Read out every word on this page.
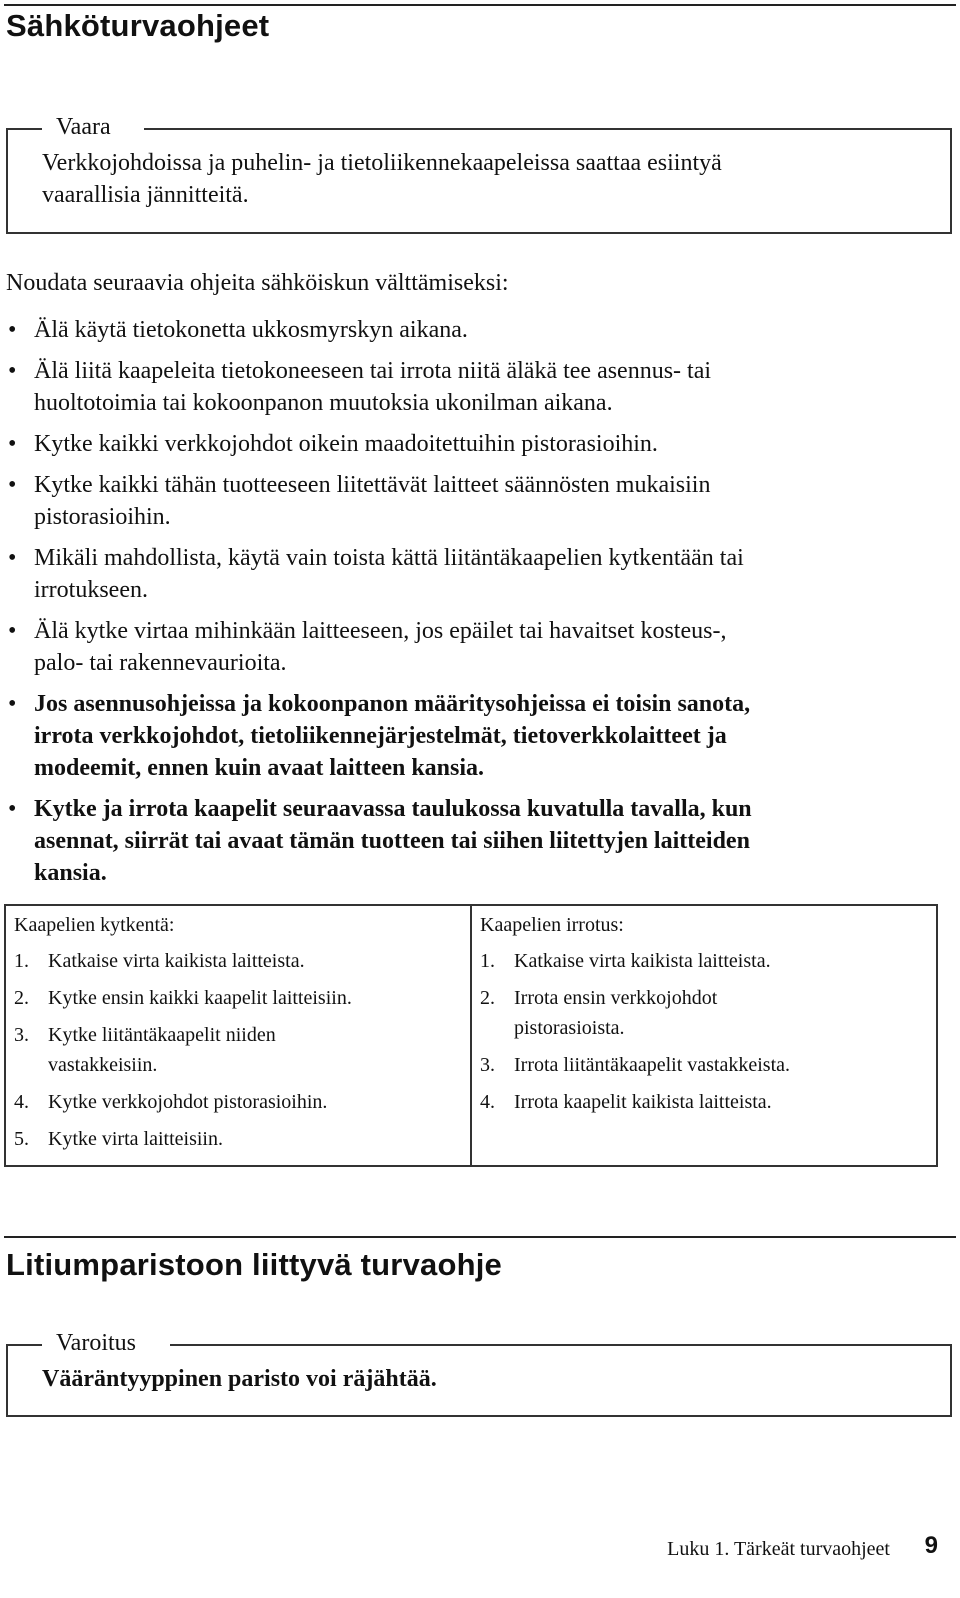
Sähköturvaohjeet
Vaara
Verkkojohdoissa ja puhelin- ja tietoliikennekaapeleissa saattaa esiintyä
vaarallisia jännitteitä.
Noudata seuraavia ohjeita sähköiskun välttämiseksi:
• Älä käytä tietokonetta ukkosmyrskyn aikana.
• Älä liitä kaapeleita tietokoneeseen tai irrota niitä äläkä tee asennus- tai
huoltotoimia tai kokoonpanon muutoksia ukonilman aikana.
• Kytke kaikki verkkojohdot oikein maadoitettuihin pistorasioihin.
• Kytke kaikki tähän tuotteeseen liitettävät laitteet säännösten mukaisiin
pistorasioihin.
• Mikäli mahdollista, käytä vain toista kättä liitäntäkaapelien kytkentään tai
irrotukseen.
• Älä kytke virtaa mihinkään laitteeseen, jos epäilet tai havaitset kosteus-,
palo- tai rakennevaurioita.
• Jos asennusohjeissa ja kokoonpanon määritysohjeissa ei toisin sanota,
irrota verkkojohdot, tietoliikennejärjestelmät, tietoverkkolaitteet ja
modeemit, ennen kuin avaat laitteen kansia.
• Kytke ja irrota kaapelit seuraavassa taulukossa kuvatulla tavalla, kun
asennat, siirrät tai avaat tämän tuotteen tai siihen liitettyjen laitteiden
kansia.
Kaapelien kytkentä:
1. Katkaise virta kaikista laitteista.
2. Kytke ensin kaikki kaapelit laitteisiin.
3. Kytke liitäntäkaapelit niiden
vastakkeisiin.
4. Kytke verkkojohdot pistorasioihin.
5. Kytke virta laitteisiin.

Kaapelien irrotus:
1. Katkaise virta kaikista laitteista.
2. Irrota ensin verkkojohdot
pistorasioista.
3. Irrota liitäntäkaapelit vastakkeista.
4. Irrota kaapelit kaikista laitteista.
Litiumparistoon liittyvä turvaohje
Varoitus
Vääräntyyppinen paristo voi räjähtää.
Luku 1. Tärkeät turvaohjeet 9
